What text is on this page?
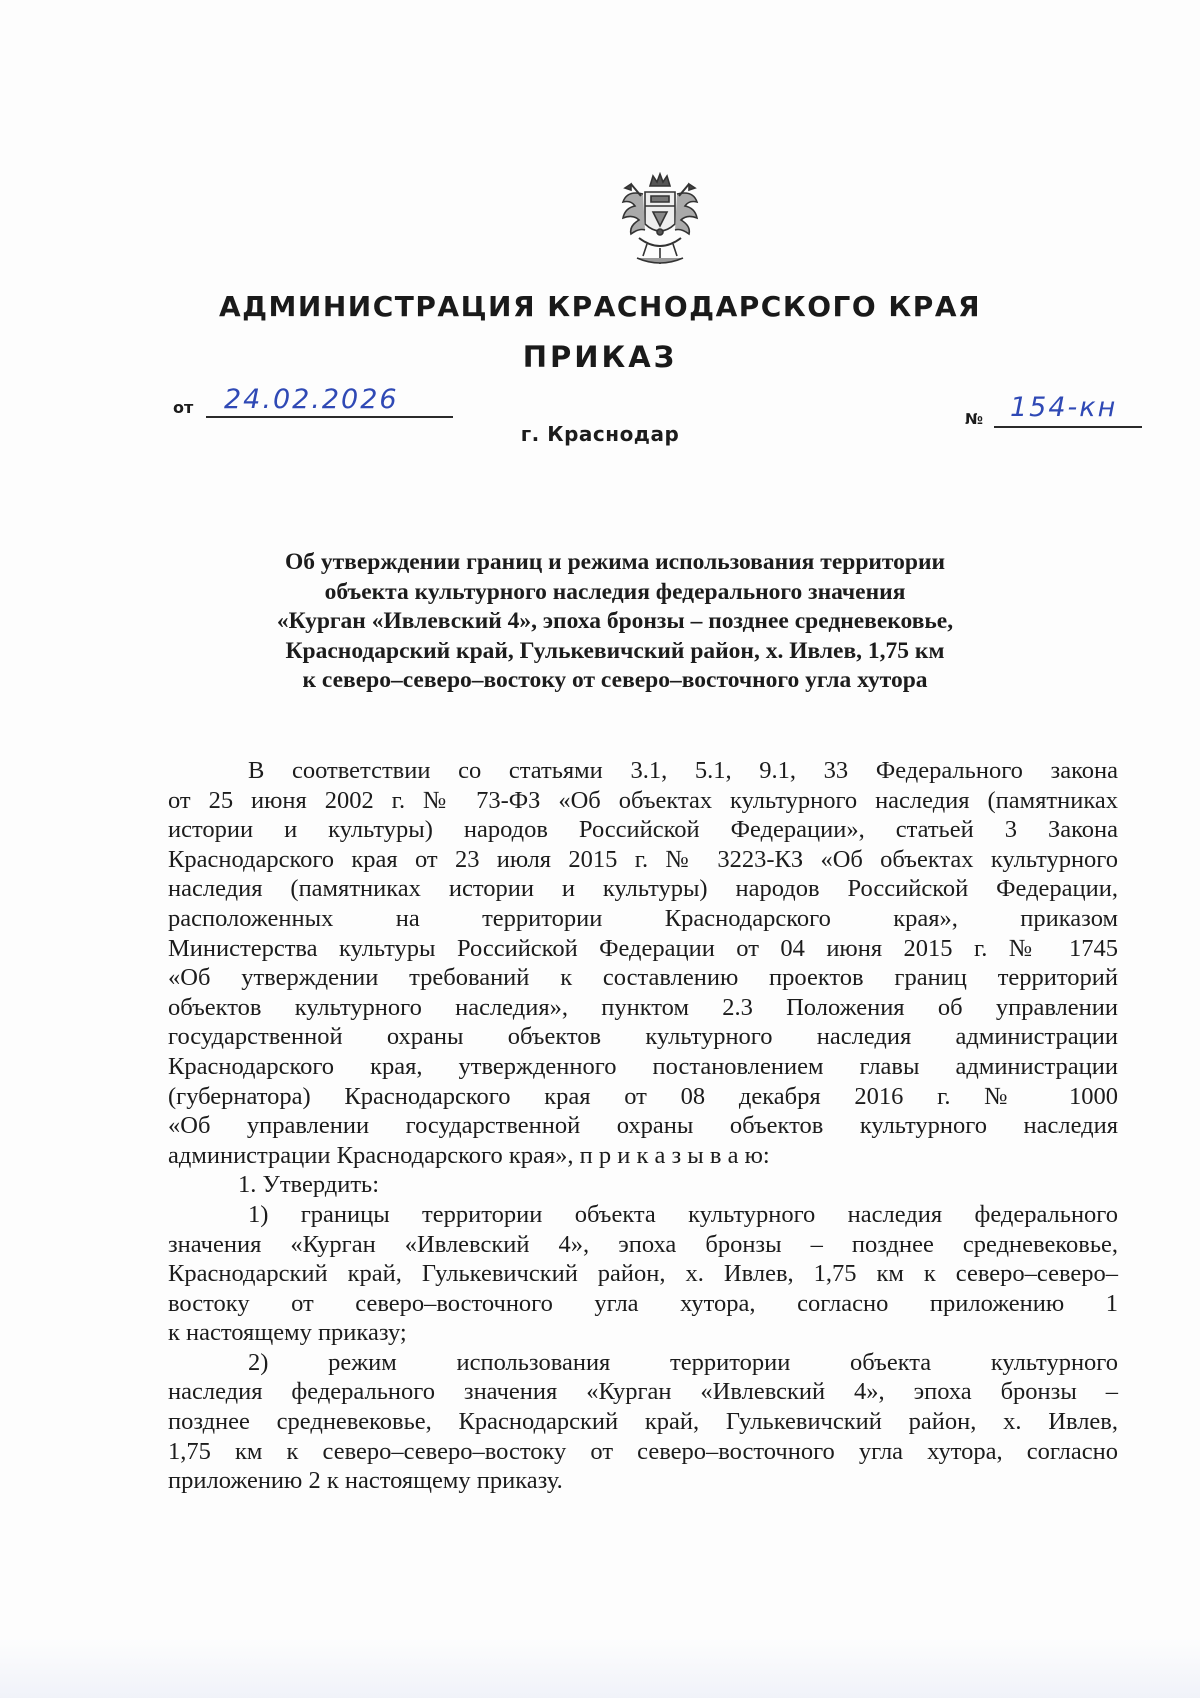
АДМИНИСТРАЦИЯ КРАСНОДАРСКОГО КРАЯ
ПРИКАЗ
от 24.02.2026
г. Краснодар
№ 154-кн
Об утверждении границ и режима использования территории
объекта культурного наследия федерального значения
«Курган «Ивлевский 4», эпоха бронзы – позднее средневековье,
Краснодарский край, Гулькевичский район, х. Ивлев, 1,75 км
к северо–северо–востоку от северо–восточного угла хутора
В соответствии со статьями 3.1, 5.1, 9.1, 33 Федерального закона
от 25 июня 2002 г. № 73-ФЗ «Об объектах культурного наследия (памятниках
истории и культуры) народов Российской Федерации», статьей 3 Закона
Краснодарского края от 23 июля 2015 г. № 3223-КЗ «Об объектах культурного
наследия (памятниках истории и культуры) народов Российской Федерации,
расположенных на территории Краснодарского края», приказом
Министерства культуры Российской Федерации от 04 июня 2015 г. № 1745
«Об утверждении требований к составлению проектов границ территорий
объектов культурного наследия», пунктом 2.3 Положения об управлении
государственной охраны объектов культурного наследия администрации
Краснодарского края, утвержденного постановлением главы администрации
(губернатора) Краснодарского края от 08 декабря 2016 г. № 1000
«Об управлении государственной охраны объектов культурного наследия
администрации Краснодарского края», п р и к а з ы в а ю:
1. Утвердить:
1) границы территории объекта культурного наследия федерального
значения «Курган «Ивлевский 4», эпоха бронзы – позднее средневековье,
Краснодарский край, Гулькевичский район, х. Ивлев, 1,75 км к северо–северо–
востоку от северо–восточного угла хутора, согласно приложению 1
к настоящему приказу;
2) режим использования территории объекта культурного
наследия федерального значения «Курган «Ивлевский 4», эпоха бронзы –
позднее средневековье, Краснодарский край, Гулькевичский район, х. Ивлев,
1,75 км к северо–северо–востоку от северо–восточного угла хутора, согласно
приложению 2 к настоящему приказу.
